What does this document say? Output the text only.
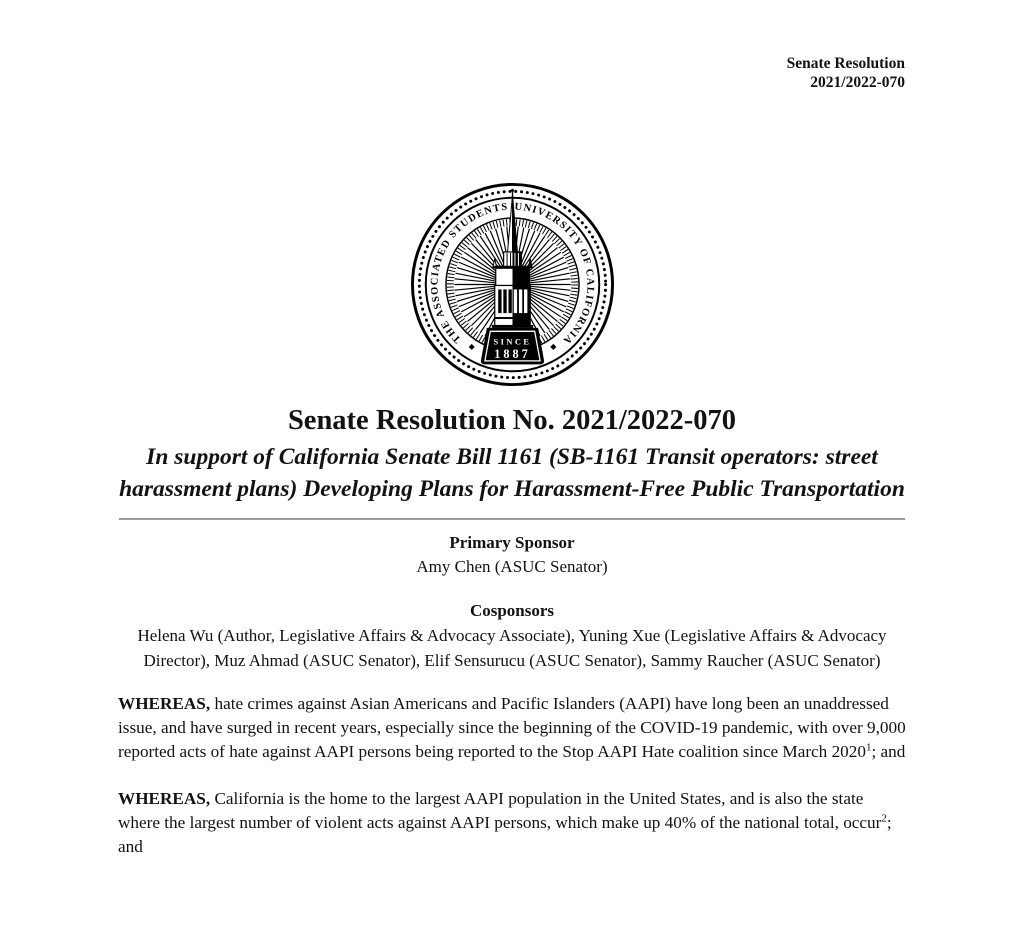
Senate Resolution
2021/2022-070
THE ASSOCIATED STUDENTS UNIVERSITY OF CALIFORNIA
◆	◆
SINCE
1887
Senate Resolution No. 2021/2022-070
In support of California Senate Bill 1161 (SB-1161 Transit operators: street harassment plans) Developing Plans for Harassment-Free Public Transportation
Primary Sponsor
Amy Chen (ASUC Senator)
Cosponsors
Helena Wu (Author, Legislative Affairs & Advocacy Associate), Yuning Xue (Legislative Affairs & Advocacy Director), Muz Ahmad (ASUC Senator), Elif Sensurucu (ASUC Senator), Sammy Raucher (ASUC Senator)

WHEREAS, hate crimes against Asian Americans and Pacific Islanders (AAPI) have long been an unaddressed issue, and have surged in recent years, especially since the beginning of the COVID-19 pandemic, with over 9,000 reported acts of hate against AAPI persons being reported to the Stop AAPI Hate coalition since March 2020$^1$; and

WHEREAS, California is the home to the largest AAPI population in the United States, and is also the state where the largest number of violent acts against AAPI persons, which make up 40% of the national total, occur$^2$; and
